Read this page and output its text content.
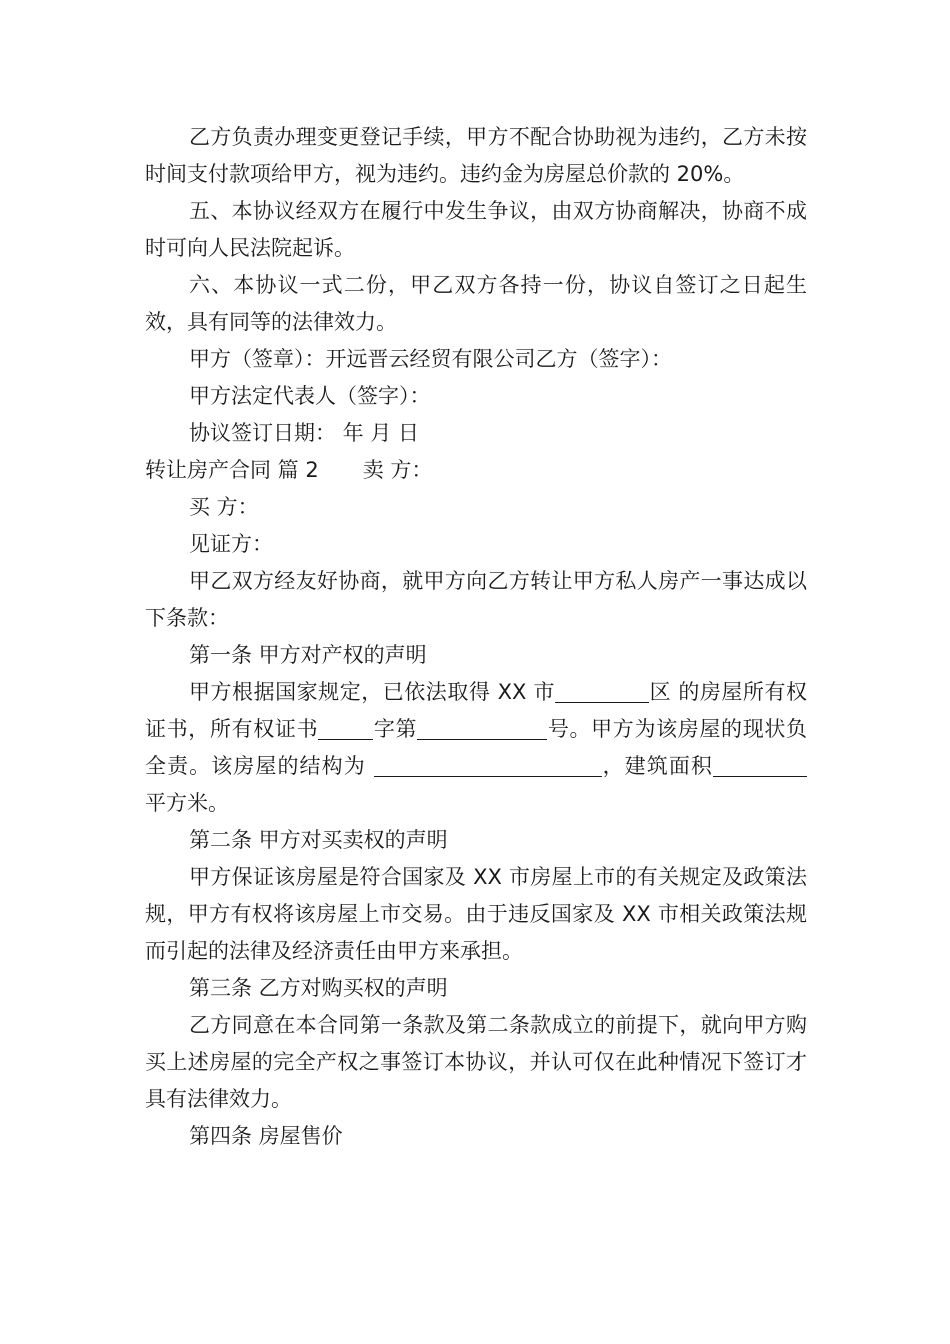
乙方负责办理变更登记手续，甲方不配合协助视为违约，乙方未按时间支付款项给甲方，视为违约。违约金为房屋总价款的 20%。

五、本协议经双方在履行中发生争议，由双方协商解决，协商不成时可向人民法院起诉。

六、本协议一式二份，甲乙双方各持一份，协议自签订之日起生效，具有同等的法律效力。

甲方（签章）：开远晋云经贸有限公司乙方（签字）：

甲方法定代表人（签字）：

协议签订日期： 年 月 日

转让房产合同 篇 2 卖 方：

买 方：

见证方：

甲乙双方经友好协商，就甲方向乙方转让甲方私人房产一事达成以下条款：

第一条 甲方对产权的声明

甲方根据国家规定，已依法取得 XX 市	区 的房屋所有权证书，所有权证书	字第	号。甲方为该房屋的现状负全责。该房屋的结构为	，建筑面积平方米。

第二条 甲方对买卖权的声明

甲方保证该房屋是符合国家及 XX 市房屋上市的有关规定及政策法规，甲方有权将该房屋上市交易。由于违反国家及 XX 市相关政策法规而引起的法律及经济责任由甲方来承担。

第三条 乙方对购买权的声明

乙方同意在本合同第一条款及第二条款成立的前提下，就向甲方购买上述房屋的完全产权之事签订本协议，并认可仅在此种情况下签订才具有法律效力。

第四条 房屋售价
